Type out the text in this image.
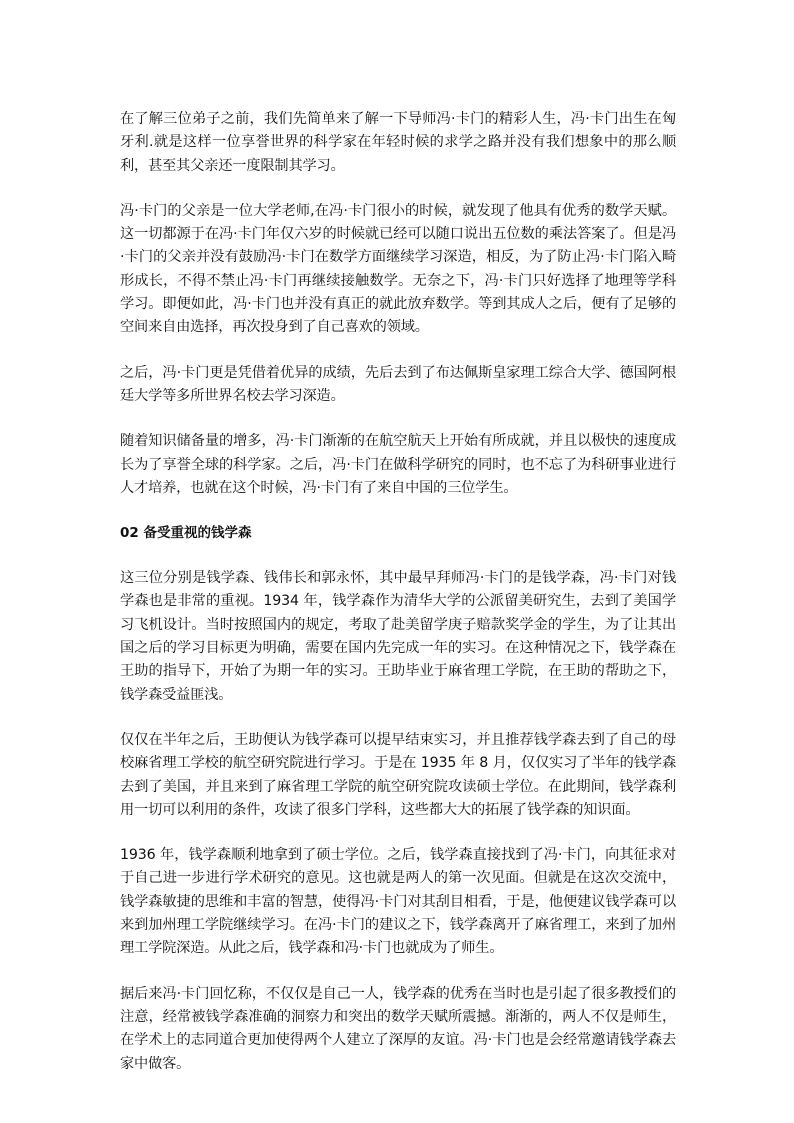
在了解三位弟子之前，我们先简单来了解一下导师冯·卡门的精彩人生，冯·卡门出生在匈牙利.就是这样一位享誉世界的科学家在年轻时候的求学之路并没有我们想象中的那么顺利，甚至其父亲还一度限制其学习。

冯·卡门的父亲是一位大学老师,在冯·卡门很小的时候，就发现了他具有优秀的数学天赋。这一切都源于在冯·卡门年仅六岁的时候就已经可以随口说出五位数的乘法答案了。但是冯·卡门的父亲并没有鼓励冯·卡门在数学方面继续学习深造，相反，为了防止冯·卡门陷入畸形成长，不得不禁止冯·卡门再继续接触数学。无奈之下，冯·卡门只好选择了地理等学科学习。即便如此，冯·卡门也并没有真正的就此放弃数学。等到其成人之后，便有了足够的空间来自由选择，再次投身到了自己喜欢的领域。

之后，冯·卡门更是凭借着优异的成绩，先后去到了布达佩斯皇家理工综合大学、德国阿根廷大学等多所世界名校去学习深造。

随着知识储备量的增多，冯·卡门渐渐的在航空航天上开始有所成就，并且以极快的速度成长为了享誉全球的科学家。之后，冯·卡门在做科学研究的同时，也不忘了为科研事业进行人才培养，也就在这个时候，冯·卡门有了来自中国的三位学生。

02 备受重视的钱学森

这三位分别是钱学森、钱伟长和郭永怀，其中最早拜师冯·卡门的是钱学森，冯·卡门对钱学森也是非常的重视。1934 年，钱学森作为清华大学的公派留美研究生，去到了美国学习飞机设计。当时按照国内的规定，考取了赴美留学庚子赔款奖学金的学生，为了让其出国之后的学习目标更为明确，需要在国内先完成一年的实习。在这种情况之下，钱学森在王助的指导下，开始了为期一年的实习。王助毕业于麻省理工学院，在王助的帮助之下，钱学森受益匪浅。

仅仅在半年之后，王助便认为钱学森可以提早结束实习，并且推荐钱学森去到了自己的母校麻省理工学校的航空研究院进行学习。于是在 1935 年 8 月，仅仅实习了半年的钱学森去到了美国，并且来到了麻省理工学院的航空研究院攻读硕士学位。在此期间，钱学森利用一切可以利用的条件，攻读了很多门学科，这些都大大的拓展了钱学森的知识面。

1936 年，钱学森顺利地拿到了硕士学位。之后，钱学森直接找到了冯·卡门，向其征求对于自己进一步进行学术研究的意见。这也就是两人的第一次见面。但就是在这次交流中，钱学森敏捷的思维和丰富的智慧，使得冯·卡门对其刮目相看，于是，他便建议钱学森可以来到加州理工学院继续学习。在冯·卡门的建议之下，钱学森离开了麻省理工，来到了加州理工学院深造。从此之后，钱学森和冯·卡门也就成为了师生。

据后来冯·卡门回忆称，不仅仅是自己一人，钱学森的优秀在当时也是引起了很多教授们的注意，经常被钱学森准确的洞察力和突出的数学天赋所震撼。渐渐的，两人不仅是师生，在学术上的志同道合更加使得两个人建立了深厚的友谊。冯·卡门也是会经常邀请钱学森去家中做客。
